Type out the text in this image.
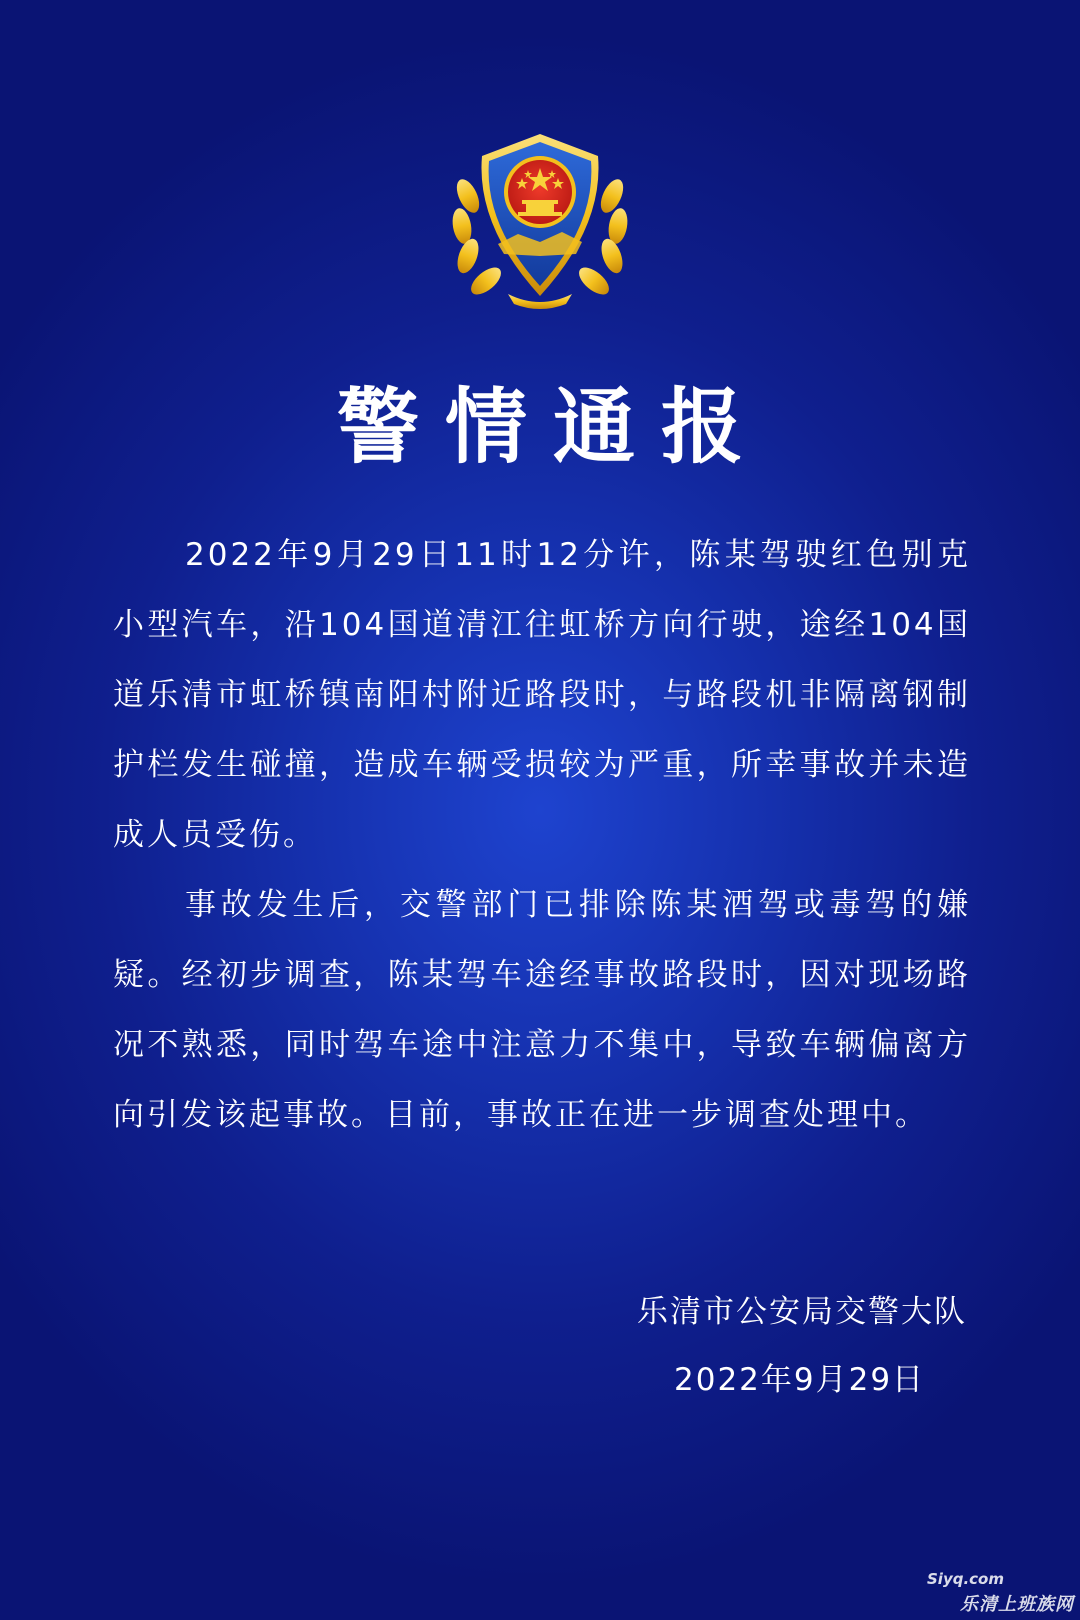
警情通报

2022年9月29日11时12分许，陈某驾驶红色别克小型汽车，沿104国道清江往虹桥方向行驶，途经104国道乐清市虹桥镇南阳村附近路段时，与路段机非隔离钢制护栏发生碰撞，造成车辆受损较为严重，所幸事故并未造成人员受伤。

事故发生后，交警部门已排除陈某酒驾或毒驾的嫌疑。经初步调查，陈某驾车途经事故路段时，因对现场路况不熟悉，同时驾车途中注意力不集中，导致车辆偏离方向引发该起事故。目前，事故正在进一步调查处理中。

乐清市公安局交警大队
2022年9月29日
Siyq.com
乐清上班族网
